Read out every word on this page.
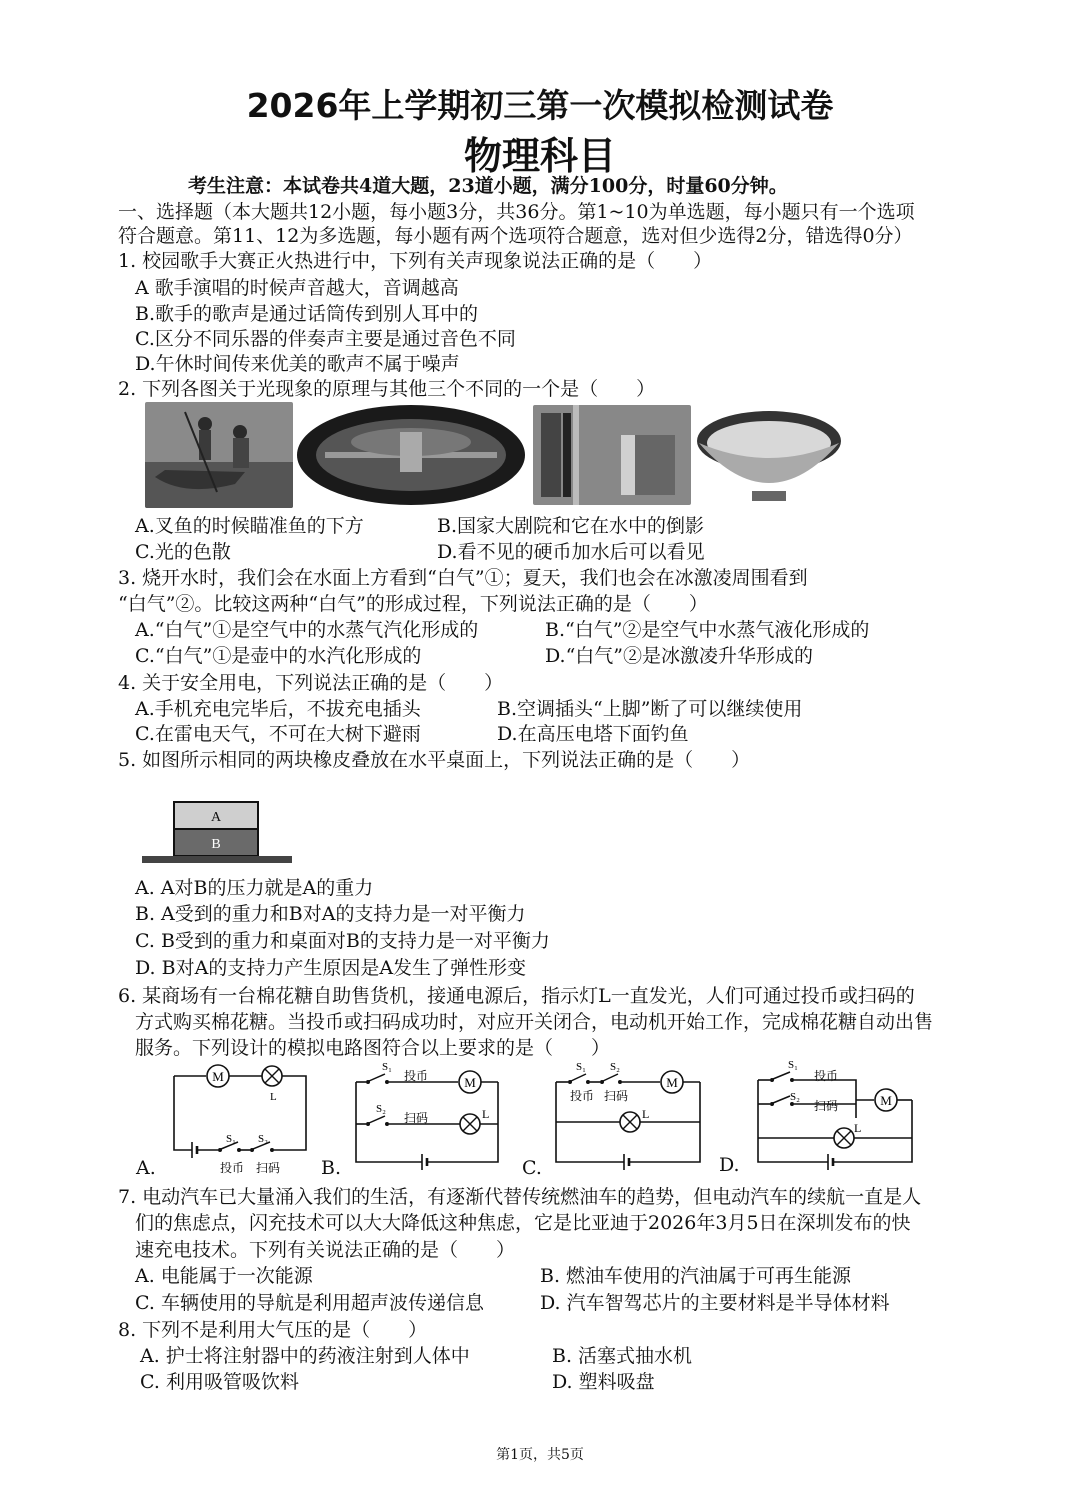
2026年上学期初三第一次模拟检测试卷
物理科目
考生注意：本试卷共4道大题，23道小题，满分100分，时量60分钟。
一、选择题（本大题共12小题，每小题3分，共36分。第1~10为单选题，每小题只有一个选项
符合题意。第11、12为多选题，每小题有两个选项符合题意，选对但少选得2分，错选得0分）
1. 校园歌手大赛正火热进行中，下列有关声现象说法正确的是（　　）
A 歌手演唱的时候声音越大，音调越高
B.歌手的歌声是通过话筒传到别人耳中的
C.区分不同乐器的伴奏声主要是通过音色不同
D.午休时间传来优美的歌声不属于噪声
2. 下列各图关于光现象的原理与其他三个不同的一个是（　　）
A.叉鱼的时候瞄准鱼的下方	B.国家大剧院和它在水中的倒影
C.光的色散	D.看不见的硬币加水后可以看见
3. 烧开水时，我们会在水面上方看到“白气”①；夏天，我们也会在冰激凌周围看到
“白气”②。比较这两种“白气”的形成过程，下列说法正确的是（　　）
A.“白气”①是空气中的水蒸气汽化形成的	B.“白气”②是空气中水蒸气液化形成的
C.“白气”①是壶中的水汽化形成的	D.“白气”②是冰激凌升华形成的
4. 关于安全用电，下列说法正确的是（　　）
A.手机充电完毕后，不拔充电插头	B.空调插头“上脚”断了可以继续使用
C.在雷电天气，不可在大树下避雨	D.在高压电塔下面钓鱼
5. 如图所示相同的两块橡皮叠放在水平桌面上，下列说法正确的是（　　）
A
B
A. A对B的压力就是A的重力
B. A受到的重力和B对A的支持力是一对平衡力
C. B受到的重力和桌面对B的支持力是一对平衡力
D. B对A的支持力产生原因是A发生了弹性形变
6. 某商场有一台棉花糖自助售货机，接通电源后，指示灯L一直发光，人们可通过投币或扫码的
方式购买棉花糖。当投币或扫码成功时，对应开关闭合，电动机开始工作，完成棉花糖自动出售
服务。下列设计的模拟电路图符合以上要求的是（　　）
M
L
S₁ S₂
投币 扫码
A.
S₁
投币	M
S₂
扫码	L
B.
S₁ S₂
投币 扫码
M
L
C.
S₁
投币
S₂
扫码	M
L
D.
7. 电动汽车已大量涌入我们的生活，有逐渐代替传统燃油车的趋势，但电动汽车的续航一直是人
们的焦虑点，闪充技术可以大大降低这种焦虑，它是比亚迪于2026年3月5日在深圳发布的快
速充电技术。下列有关说法正确的是（　　）
A. 电能属于一次能源	B. 燃油车使用的汽油属于可再生能源
C. 车辆使用的导航是利用超声波传递信息	D. 汽车智驾芯片的主要材料是半导体材料
8. 下列不是利用大气压的是（　　）
A. 护士将注射器中的药液注射到人体中	B. 活塞式抽水机
C. 利用吸管吸饮料	D. 塑料吸盘
第1页，共5页
